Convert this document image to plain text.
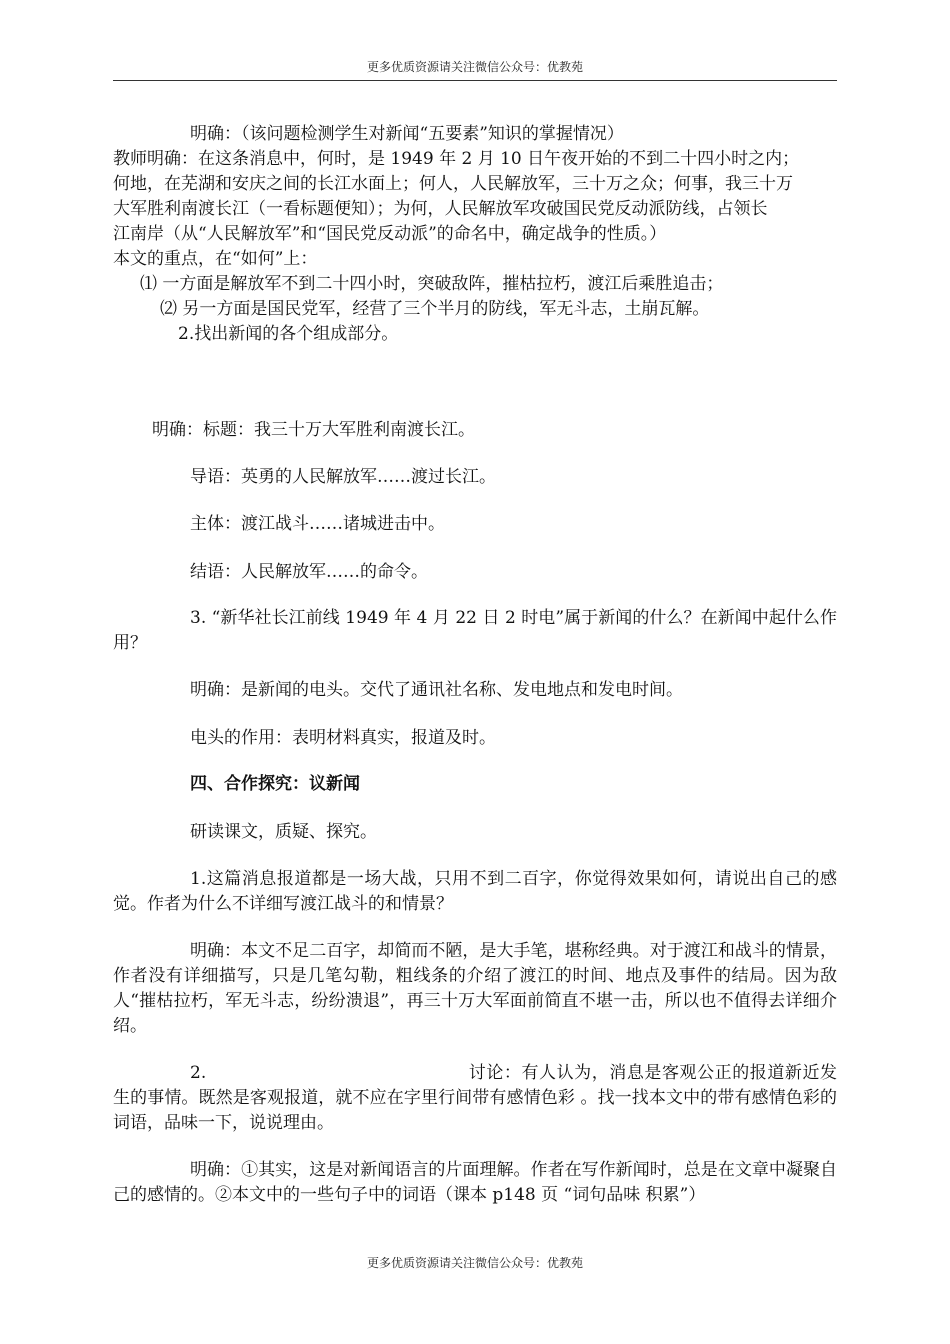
更多优质资源请关注微信公众号：优教苑
明确：（该问题检测学生对新闻“五要素”知识的掌握情况）
教师明确：在这条消息中，何时，是 1949 年 2 月 10 日午夜开始的不到二十四小时之内；
何地，在芜湖和安庆之间的长江水面上；何人，人民解放军，三十万之众；何事，我三十万
大军胜利南渡长江（一看标题便知）；为何，人民解放军攻破国民党反动派防线，占领长
江南岸（从“人民解放军”和“国民党反动派”的命名中，确定战争的性质。）
本文的重点，在“如何”上：
⑴ 一方面是解放军不到二十四小时，突破敌阵，摧枯拉朽，渡江后乘胜追击；
⑵ 另一方面是国民党军，经营了三个半月的防线，军无斗志，土崩瓦解。
2.找出新闻的各个组成部分。
明确：标题：我三十万大军胜利南渡长江。
导语：英勇的人民解放军……渡过长江。
主体：渡江战斗……诸城进击中。
结语：人民解放军……的命令。

3. “新华社长江前线 1949 年 4 月 22 日 2 时电”属于新闻的什么？在新闻中起什么作用？

明确：是新闻的电头。交代了通讯社名称、发电地点和发电时间。
电头的作用：表明材料真实，报道及时。
四、合作探究：议新闻
研读课文，质疑、探究。

1.这篇消息报道都是一场大战，只用不到二百字，你觉得效果如何，请说出自己的感觉。作者为什么不详细写渡江战斗的和情景？

明确：本文不足二百字，却简而不陋，是大手笔，堪称经典。对于渡江和战斗的情景，作者没有详细描写，只是几笔勾勒，粗线条的介绍了渡江的时间、地点及事件的结局。因为敌人“摧枯拉朽，军无斗志，纷纷溃退”，再三十万大军面前简直不堪一击，所以也不值得去详细介绍。

2.	讨论：有人认为，消息是客观公正的报道新近发生的事情。既然是客观报道，就不应在字里行间带有感情色彩 。找一找本文中的带有感情色彩的词语，品味一下，说说理由。

明确：①其实，这是对新闻语言的片面理解。作者在写作新闻时，总是在文章中凝聚自己的感情的。②本文中的一些句子中的词语（课本 p148 页 “词句品味 积累”）

更多优质资源请关注微信公众号：优教苑
